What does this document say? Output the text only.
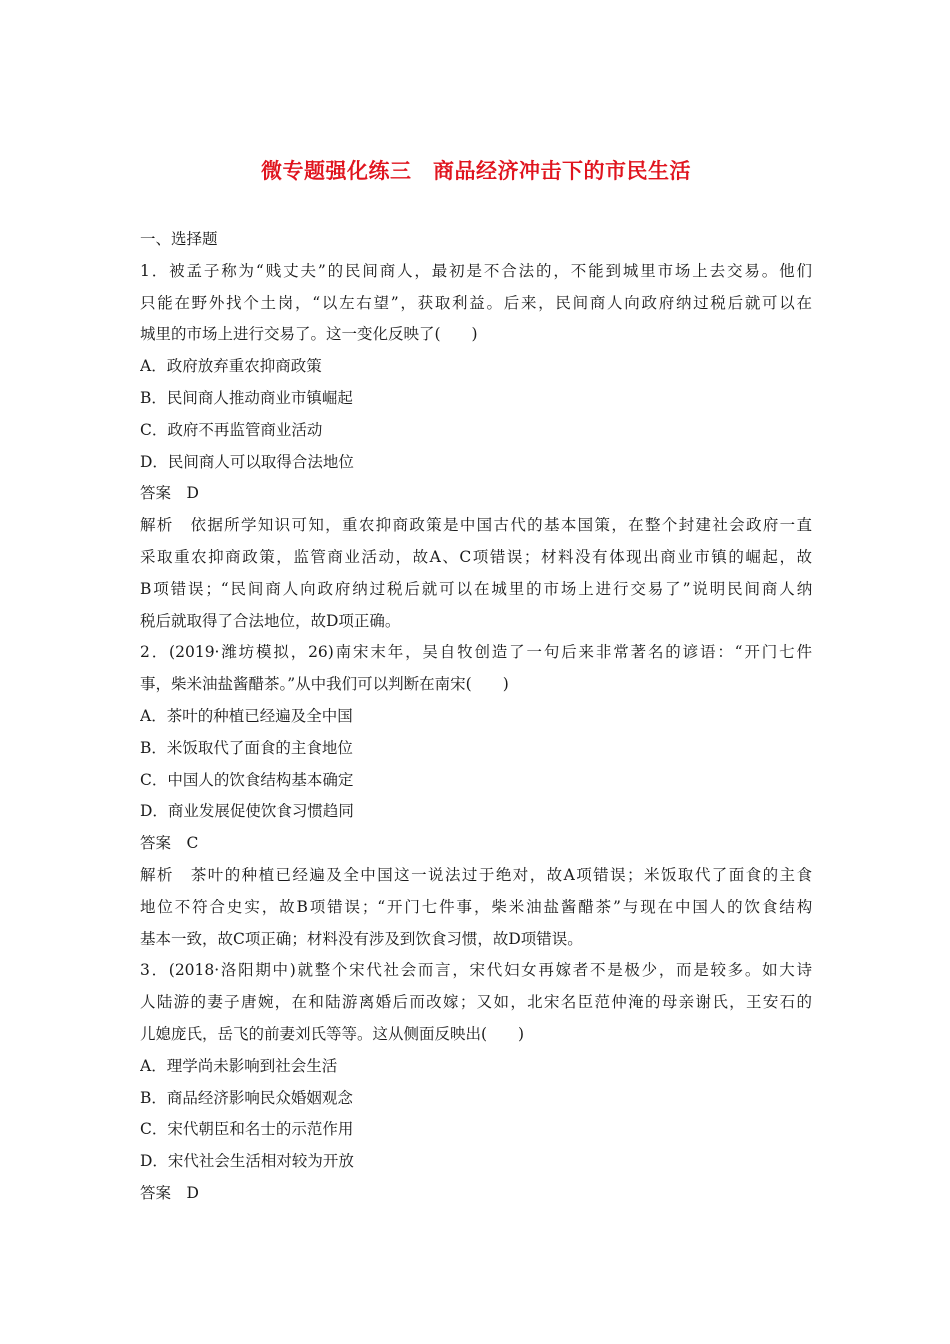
微专题强化练三　商品经济冲击下的市民生活
一、选择题
1．被孟子称为“贱丈夫”的民间商人，最初是不合法的，不能到城里市场上去交易。他们
只能在野外找个土岗，“以左右望”，获取利益。后来，民间商人向政府纳过税后就可以在
城里的市场上进行交易了。这一变化反映了(　　)
A．政府放弃重农抑商政策
B．民间商人推动商业市镇崛起
C．政府不再监管商业活动
D．民间商人可以取得合法地位
答案　D
解析　依据所学知识可知，重农抑商政策是中国古代的基本国策，在整个封建社会政府一直
采取重农抑商政策，监管商业活动，故A、C项错误；材料没有体现出商业市镇的崛起，故
B项错误；“民间商人向政府纳过税后就可以在城里的市场上进行交易了”说明民间商人纳
税后就取得了合法地位，故D项正确。
2．(2019·潍坊模拟，26)南宋末年，吴自牧创造了一句后来非常著名的谚语：“开门七件
事，柴米油盐酱醋茶。”从中我们可以判断在南宋(　　)
A．茶叶的种植已经遍及全中国
B．米饭取代了面食的主食地位
C．中国人的饮食结构基本确定
D．商业发展促使饮食习惯趋同
答案　C
解析　茶叶的种植已经遍及全中国这一说法过于绝对，故A项错误；米饭取代了面食的主食
地位不符合史实，故B项错误；“开门七件事，柴米油盐酱醋茶”与现在中国人的饮食结构
基本一致，故C项正确；材料没有涉及到饮食习惯，故D项错误。
3．(2018·洛阳期中)就整个宋代社会而言，宋代妇女再嫁者不是极少，而是较多。如大诗
人陆游的妻子唐婉，在和陆游离婚后而改嫁；又如，北宋名臣范仲淹的母亲谢氏，王安石的
儿媳庞氏，岳飞的前妻刘氏等等。这从侧面反映出(　　)
A．理学尚未影响到社会生活
B．商品经济影响民众婚姻观念
C．宋代朝臣和名士的示范作用
D．宋代社会生活相对较为开放
答案　D
